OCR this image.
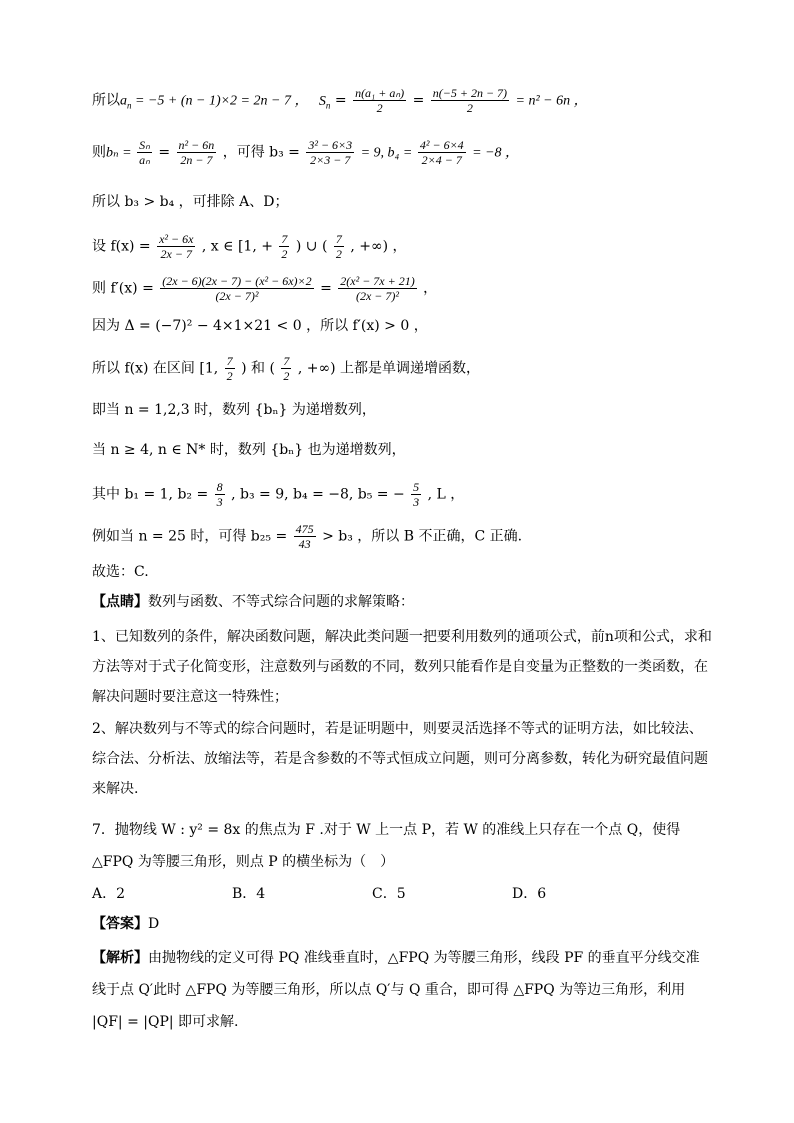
所以$a_n = -5 + (n - 1)\times 2 = 2n - 7$ ， $S_n = \frac{\text{n(a₁ + aₙ)}}{2} = \frac{n(-5 + 2n - 7)}{2} = n^2 - 6n$ ，
则$b_n = \frac{\text{Sₙ}}{\text{aₙ}} = \frac{\text{n² − 6n}}{2n - 7}$ ，可得 $b_3 = \frac{\text{3² − 6×3}}{2\times 3 - 7} = 9$, $b_4 = \frac{\text{4² − 6×4}}{2\times 4 - 7} = -8$ ，
所以 b₃ > b₄ ，可排除 A、D；
设 $f(x) = \frac{\text{x² − 6x}}{2x - 7}$ , x ∈ [1, + $\frac{7}{2}$ ) ∪ ( $\frac{7}{2}$ , +∞) ，
则 $f'(x) = \frac{\text{(2x − 6)(2x − 7) − (x² − 6x)×2}}{\text{(2x − 7)²}} = \frac{\text{2(x² − 7x + 21)}}{\text{(2x − 7)²}}$ ，
因为 Δ = (−7)² − 4×1×21 < 0 ，所以 f′(x) > 0 ，
所以 f(x) 在区间 [1, $\frac{7}{2}$ ) 和 ( $\frac{7}{2}$ , +∞) 上都是单调递增函数，
即当 n = 1,2,3 时，数列 {bₙ} 为递增数列，
当 n ≥ 4, n ∈ N* 时，数列 {bₙ} 也为递增数列，
其中 b₁ = 1, $b_2 = \frac{8}{3}$ , b₃ = 9, b₄ = −8, b₅ = − $\frac{5}{3}$ , L ，
例如当 n = 25 时，可得 $b_{25} = \frac{475}{43} > b_3$ ，所以 B 不正确，C 正确.
故选：C.
【点睛】数列与函数、不等式综合问题的求解策略：
1、已知数列的条件，解决函数问题，解决此类问题一把要利用数列的通项公式，前n项和公式，求和方法等对于式子化简变形，注意数列与函数的不同，数列只能看作是自变量为正整数的一类函数，在解决问题时要注意这一特殊性；
2、解决数列与不等式的综合问题时，若是证明题中，则要灵活选择不等式的证明方法，如比较法、综合法、分析法、放缩法等，若是含参数的不等式恒成立问题，则可分离参数，转化为研究最值问题来解决.
7．抛物线 W : y² = 8x 的焦点为 F .对于 W 上一点 P，若 W 的准线上只存在一个点 Q，使得 △FPQ 为等腰三角形，则点 P 的横坐标为（　）
A．2	B．4	C．5	D．6
【答案】D
【解析】由抛物线的定义可得 PQ 准线垂直时，△FPQ 为等腰三角形，线段 PF 的垂直平分线交准线于点 Q′此时 △FPQ 为等腰三角形，所以点 Q′与 Q 重合，即可得 △FPQ 为等边三角形，利用
|QF| = |QP| 即可求解.
